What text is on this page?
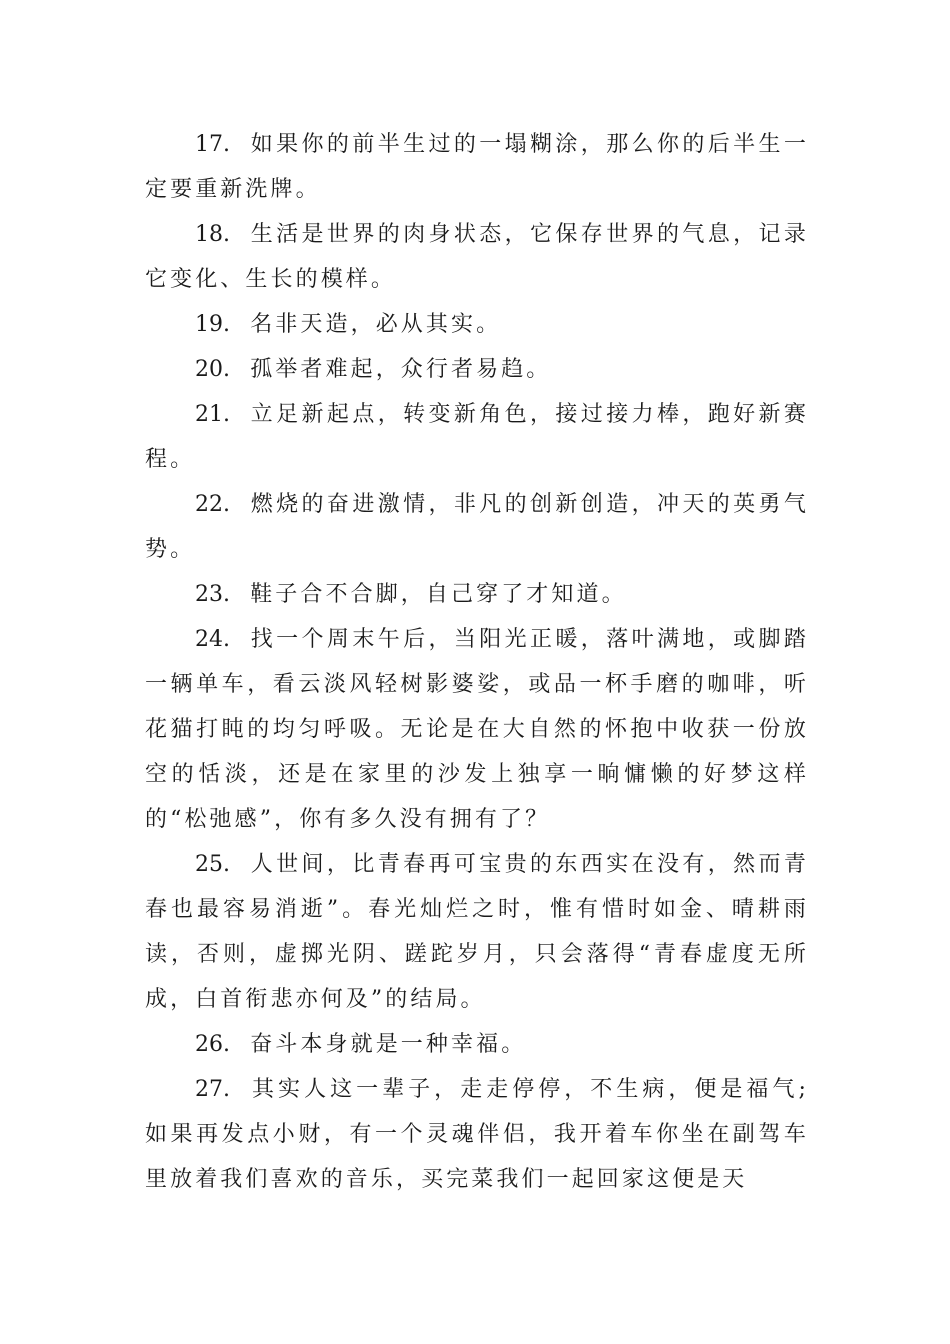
17. 如果你的前半生过的一塌糊涂，那么你的后半生一定要重新洗牌。

18. 生活是世界的肉身状态，它保存世界的气息，记录它变化、生长的模样。

19. 名非天造，必从其实。

20. 孤举者难起，众行者易趋。

21. 立足新起点，转变新角色，接过接力棒，跑好新赛程。

22. 燃烧的奋进激情，非凡的创新创造，冲天的英勇气势。

23. 鞋子合不合脚，自己穿了才知道。

24. 找一个周末午后，当阳光正暖，落叶满地，或脚踏一辆单车，看云淡风轻树影婆娑，或品一杯手磨的咖啡，听花猫打盹的均匀呼吸。无论是在大自然的怀抱中收获一份放空的恬淡，还是在家里的沙发上独享一晌慵懒的好梦这样的“松弛感”，你有多久没有拥有了？

25. 人世间，比青春再可宝贵的东西实在没有，然而青春也最容易消逝”。春光灿烂之时，惟有惜时如金、晴耕雨读，否则，虚掷光阴、蹉跎岁月，只会落得“青春虚度无所成，白首衔悲亦何及”的结局。

26. 奋斗本身就是一种幸福。

27. 其实人这一辈子，走走停停，不生病，便是福气;如果再发点小财，有一个灵魂伴侣，我开着车你坐在副驾车里放着我们喜欢的音乐，买完菜我们一起回家这便是天
